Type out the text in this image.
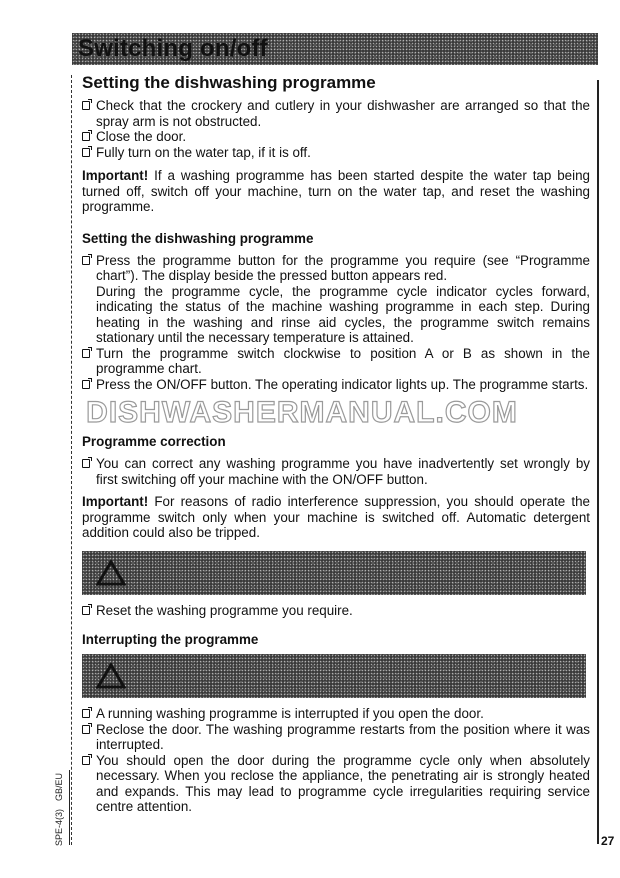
Switching on/off
Setting the dishwashing programme
Check that the crockery and cutlery in your dishwasher are arranged so that the spray arm is not obstructed.
Close the door.
Fully turn on the water tap, if it is off.

Important! If a washing programme has been started despite the water tap being turned off, switch off your machine, turn on the water tap, and reset the washing programme.

Setting the dishwashing programme
Press the programme button for the programme you require (see “Programme chart”). The display beside the pressed button appears red.

During the programme cycle, the programme cycle indicator cycles forward, indicating the status of the machine washing programme in each step. During heating in the washing and rinse aid cycles, the programme switch remains stationary until the necessary temperature is attained.

Turn the programme switch clockwise to position A or B as shown in the programme chart.
Press the ON/OFF button. The operating indicator lights up. The programme starts.
DISHWASHERMANUAL.COM
Programme correction
You can correct any washing programme you have inadvertently set wrongly by first switching off your machine with the ON/OFF button.

Important! For reasons of radio interference suppression, you should operate the programme switch only when your machine is switched off. Automatic detergent addition could also be tripped.

Reset the washing programme you require.
Interrupting the programme
A running washing programme is interrupted if you open the door.
Reclose the door. The washing programme restarts from the position where it was interrupted.
You should open the door during the programme cycle only when absolutely necessary. When you reclose the appliance, the penetrating air is strongly heated and expands. This may lead to programme cycle irregularities requiring service centre attention.
SPE-4(3)
GB/EU
27
